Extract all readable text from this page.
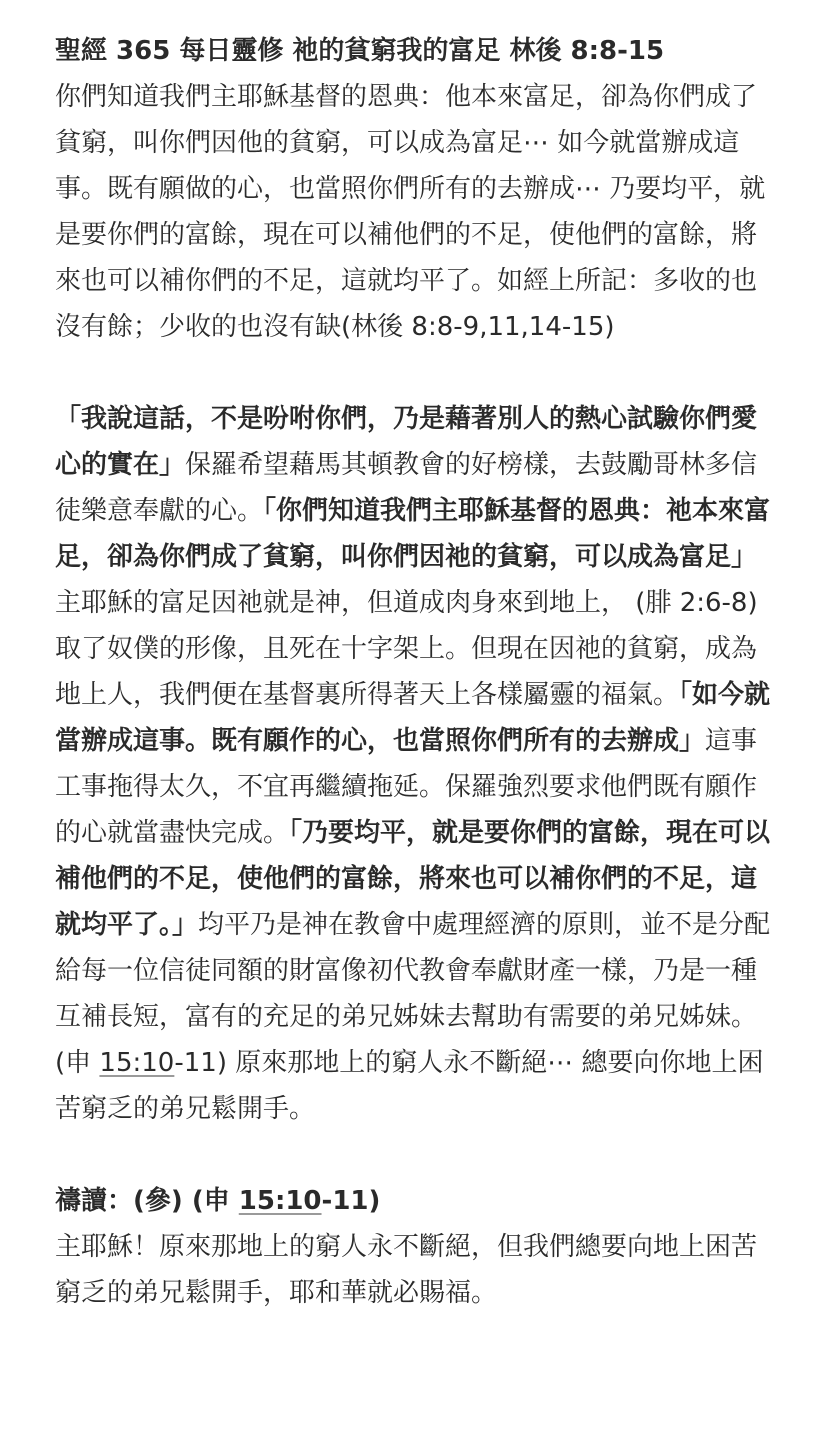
聖經 365 每日靈修 祂的貧窮我的富足 林後 8:8-15

你們知道我們主耶穌基督的恩典：他本來富足，卻為你們成了貧窮，叫你們因他的貧窮，可以成為富足⋯ 如今就當辦成這事。既有願做的心，也當照你們所有的去辦成⋯ 乃要均平，就是要你們的富餘，現在可以補他們的不足，使他們的富餘，將來也可以補你們的不足，這就均平了。如經上所記：多收的也沒有餘；少收的也沒有缺(林後 8:8-9,11,14-15)

「我說這話，不是吩咐你們，乃是藉著別人的熱心試驗你們愛心的實在」保羅希望藉馬其頓教會的好榜樣，去鼓勵哥林多信徒樂意奉獻的心。「你們知道我們主耶穌基督的恩典：祂本來富足，卻為你們成了貧窮，叫你們因祂的貧窮，可以成為富足」主耶穌的富足因祂就是神，但道成肉身來到地上， (腓 2:6-8) 取了奴僕的形像，且死在十字架上。但現在因祂的貧窮，成為地上人，我們便在基督裏所得著天上各樣屬靈的福氣。「如今就當辦成這事。既有願作的心，也當照你們所有的去辦成」這事工事拖得太久，不宜再繼續拖延。保羅強烈要求他們既有願作的心就當盡快完成。「乃要均平，就是要你們的富餘，現在可以補他們的不足，使他們的富餘，將來也可以補你們的不足，這就均平了。」均平乃是神在教會中處理經濟的原則，並不是分配給每一位信徒同額的財富像初代教會奉獻財產一樣，乃是一種互補長短，富有的充足的弟兄姊妹去幫助有需要的弟兄姊妹。 (申 15:10-11) 原來那地上的窮人永不斷絕⋯ 總要向你地上困苦窮乏的弟兄鬆開手。

禱讀：(參) (申 15:10-11)

主耶穌！原來那地上的窮人永不斷絕，但我們總要向地上困苦窮乏的弟兄鬆開手，耶和華就必賜福。
